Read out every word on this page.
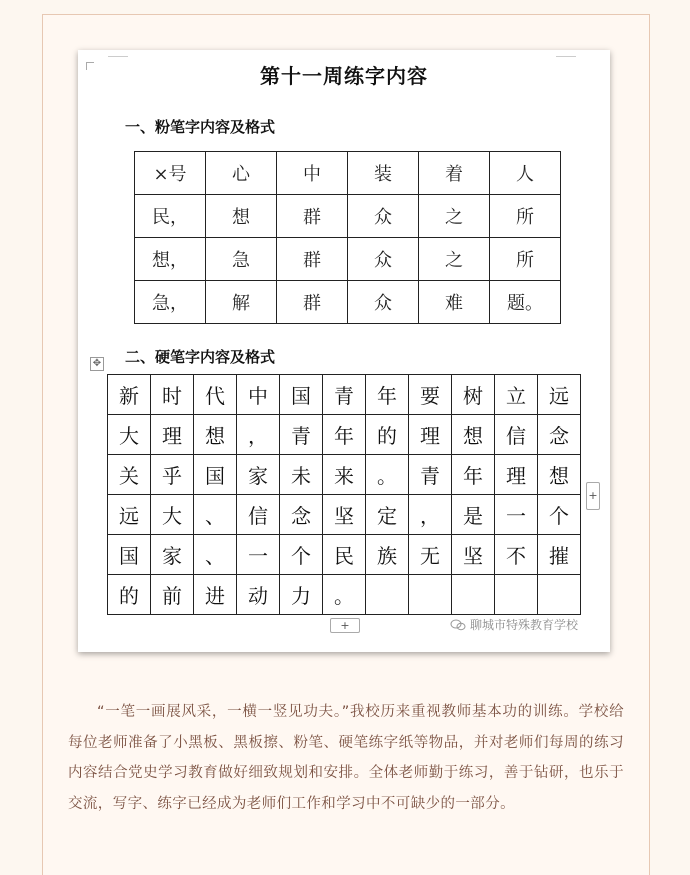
第十一周练字内容
一、粉笔字内容及格式
×号	心	中	装	着	人
民，	想	群	众	之	所
想，	急	群	众	之	所
急，	解	群	众	难	题。
二、硬笔字内容及格式
✥
新	时	代	中	国	青	年	要	树	立	远
大	理	想	，	青	年	的	理	想	信	念
关	乎	国	家	未	来	。	青	年	理	想
远	大	、	信	念	坚	定	，	是	一	个
国	家	、	一	个	民	族	无	坚	不	摧
的	前	进	动	力	。					
+
+	聊城市特殊教育学校
“一笔一画展风采，一横一竖见功夫。”我校历来重视教师基本功的训练。学校给每位老师准备了小黑板、黑板擦、粉笔、硬笔练字纸等物品，并对老师们每周的练习内容结合党史学习教育做好细致规划和安排。全体老师勤于练习，善于钻研，也乐于交流，写字、练字已经成为老师们工作和学习中不可缺少的一部分。
